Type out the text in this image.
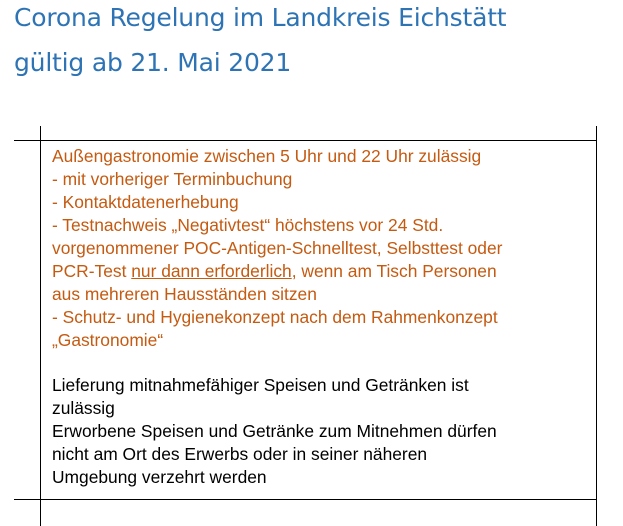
Corona Regelung im Landkreis Eichstätt
gültig ab 21. Mai 2021
Außengastronomie zwischen 5 Uhr und 22 Uhr zulässig
- mit vorheriger Terminbuchung
- Kontaktdatenerhebung
- Testnachweis „Negativtest“ höchstens vor 24 Std.
vorgenommener POC-Antigen-Schnelltest, Selbsttest oder
PCR-Test nur dann erforderlich, wenn am Tisch Personen
aus mehreren Hausständen sitzen
- Schutz- und Hygienekonzept nach dem Rahmenkonzept
„Gastronomie“
Lieferung mitnahmefähiger Speisen und Getränken ist
zulässig
Erworbene Speisen und Getränke zum Mitnehmen dürfen
nicht am Ort des Erwerbs oder in seiner näheren
Umgebung verzehrt werden
